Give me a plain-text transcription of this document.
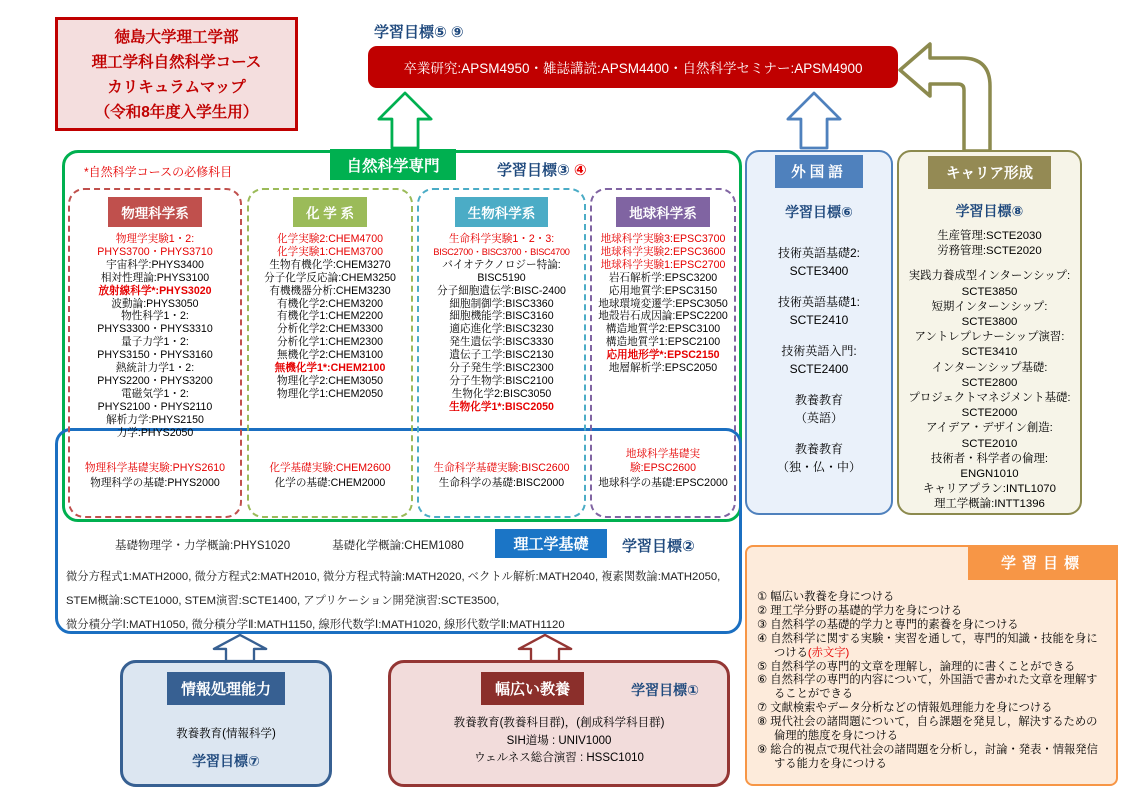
徳島大学理工学部
理工学科自然科学コース
カリキュラムマップ
（令和8年度入学生用）
学習目標⑤ ⑨
卒業研究:APSM4950・雑誌講読:APSM4400・自然科学セミナー:APSM4900
*自然科学コースの必修科目	自然科学専門	学習目標③ ④
物理科学系
物理学実験1・2:
PHYS3700・PHYS3710
宇宙科学:PHYS3400
相対性理論:PHYS3100
放射線科学*:PHYS3020
波動論:PHYS3050
物性科学1・2:
PHYS3300・PHYS3310
量子力学1・2:
PHYS3150・PHYS3160
熱統計力学1・2:
PHYS2200・PHYS3200
電磁気学1・2:
PHYS2100・PHYS2110
解析力学:PHYS2150
力学:PHYS2050
物理科学基礎実験:PHYS2610
物理科学の基礎:PHYS2000
化 学 系
化学実験2:CHEM4700
化学実験1:CHEM3700
生物有機化学:CHEM3270
分子化学反応論:CHEM3250
有機機器分析:CHEM3230
有機化学2:CHEM3200
有機化学1:CHEM2200
分析化学2:CHEM3300
分析化学1:CHEM2300
無機化学2:CHEM3100
無機化学1*:CHEM2100
物理化学2:CHEM3050
物理化学1:CHEM2050
化学基礎実験:CHEM2600
化学の基礎:CHEM2000
生物科学系
生命科学実験1・2・3:
BISC2700・BISC3700・BISC4700
バイオテクノロジー特論:
BISC5190
分子細胞遺伝学:BISC-2400
細胞制御学:BISC3360
細胞機能学:BISC3160
適応進化学:BISC3230
発生遺伝学:BISC3330
遺伝子工学:BISC2130
分子発生学:BISC2300
分子生物学:BISC2100
生物化学2:BISC3050
生物化学1*:BISC2050
生命科学基礎実験:BISC2600
生命科学の基礎:BISC2000
地球科学系
地球科学実験3:EPSC3700
地球科学実験2:EPSC3600
地球科学実験1:EPSC2700
岩石解析学:EPSC3200
応用地質学:EPSC3150
地球環境変遷学:EPSC3050
地殻岩石成因論:EPSC2200
構造地質学2:EPSC3100
構造地質学1:EPSC2100
応用地形学*:EPSC2150
地層解析学:EPSC2050
地球科学基礎実験:EPSC2600
地球科学の基礎:EPSC2000
基礎物理学・力学概論:PHYS1020	基礎化学概論:CHEM1080	理工学基礎	学習目標②
微分方程式1:MATH2000, 微分方程式2:MATH2010, 微分方程式特論:MATH2020, ベクトル解析:MATH2040, 複素関数論:MATH2050,
STEM概論:SCTE1000, STEM演習:SCTE1400, アプリケーション開発演習:SCTE3500,
微分積分学Ⅰ:MATH1050, 微分積分学Ⅱ:MATH1150, 線形代数学Ⅰ:MATH1020, 線形代数学Ⅱ:MATH1120
外国語
学習目標⑥
技術英語基礎2:
SCTE3400
技術英語基礎1:
SCTE2410
技術英語入門:
SCTE2400
教養教育
（英語）
教養教育
（独・仏・中）
キャリア形成
学習目標⑧
生産管理:SCTE2030
労務管理:SCTE2020
実践力養成型インターンシップ:
SCTE3850
短期インターンシップ:
SCTE3800
アントレプレナーシップ演習:
SCTE3410
インターンシップ基礎:
SCTE2800
プロジェクトマネジメント基礎:
SCTE2000
アイデア・デザイン創造:
SCTE2010
技術者・科学者の倫理:
ENGN1010
キャリアプラン:INTL1070
理工学概論:INTT1396
学習目標
① 幅広い教養を身につける
② 理工学分野の基礎的学力を身につける
③ 自然科学の基礎的学力と専門的素養を身につける
④ 自然科学に関する実験・実習を通して，専門的知識・技能を身につける(赤文字)
⑤ 自然科学の専門的文章を理解し，論理的に書くことができる
⑥ 自然科学の専門的内容について，外国語で書かれた文章を理解することができる
⑦ 文献検索やデータ分析などの情報処理能力を身につける
⑧ 現代社会の諸問題について，自ら課題を発見し，解決するための倫理的態度を身につける
⑨ 総合的視点で現代社会の諸問題を分析し，討論・発表・情報発信する能力を身につける
情報処理能力
教養教育(情報科学)
学習目標⑦
幅広い教養	学習目標①
教養教育(教養科目群)，(創成科学科目群)
SIH道場 : UNIV1000
ウェルネス総合演習 : HSSC1010
